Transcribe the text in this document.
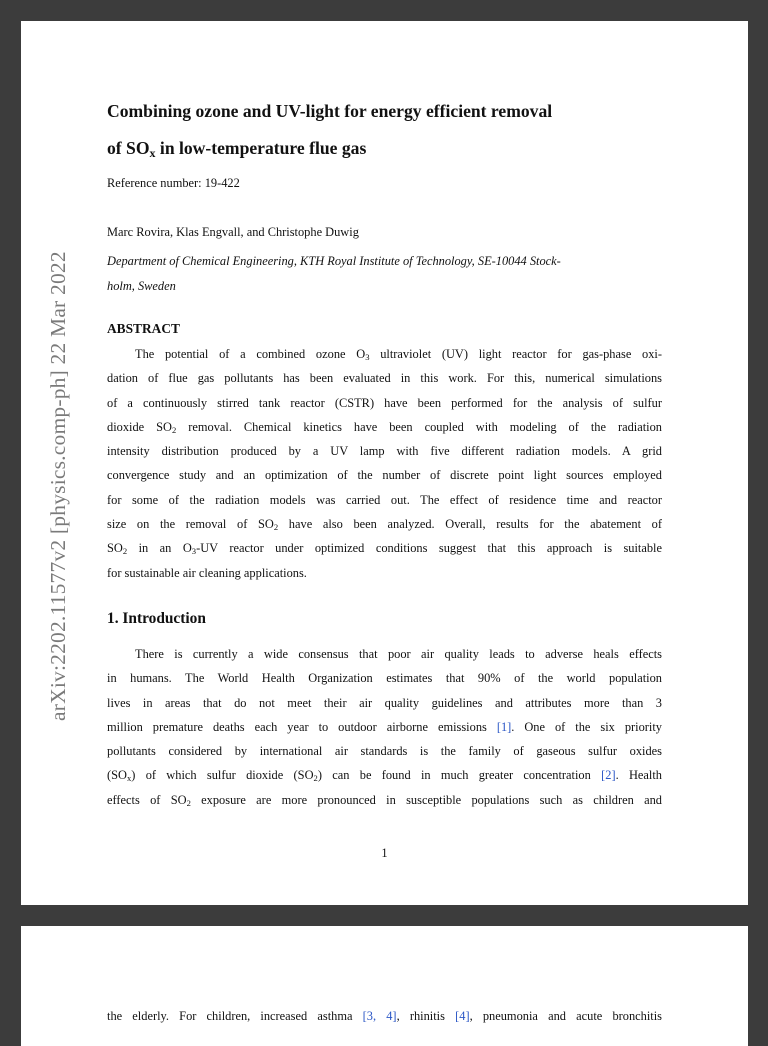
arXiv:2202.11577v2 [physics.comp-ph] 22 Mar 2022
Combining ozone and UV-light for energy efficient removal
of $SO_x$ in low-temperature flue gas
Reference number: 19-422
Marc Rovira, Klas Engvall, and Christophe Duwig
Department of Chemical Engineering, KTH Royal Institute of Technology, SE-10044 Stock-
holm, Sweden
ABSTRACT
The potential of a combined ozone $O_3$ ultraviolet (UV) light reactor for gas-phase oxi-
dation of flue gas pollutants has been evaluated in this work. For this, numerical simulations
of a continuously stirred tank reactor (CSTR) have been performed for the analysis of sulfur
dioxide $SO_2$ removal. Chemical kinetics have been coupled with modeling of the radiation
intensity distribution produced by a UV lamp with five different radiation models. A grid
convergence study and an optimization of the number of discrete point light sources employed
for some of the radiation models was carried out. The effect of residence time and reactor
size on the removal of $SO_2$ have also been analyzed. Overall, results for the abatement of
$SO_2$ in an $O_3-UV$ reactor under optimized conditions suggest that this approach is suitable
for sustainable air cleaning applications.
1. Introduction
There is currently a wide consensus that poor air quality leads to adverse heals effects
in humans. The World Health Organization estimates that 90% of the world population
lives in areas that do not meet their air quality guidelines and attributes more than 3
million premature deaths each year to outdoor airborne emissions [1]. One of the six priority
pollutants considered by international air standards is the family of gaseous sulfur oxides
$(SO_x)$ of which sulfur dioxide $(SO_2)$ can be found in much greater concentration [2]. Health
effects of $SO_2$ exposure are more pronounced in susceptible populations such as children and
1
the elderly. For children, increased asthma [3, 4], rhinitis [4], pneumonia and acute bronchitis
